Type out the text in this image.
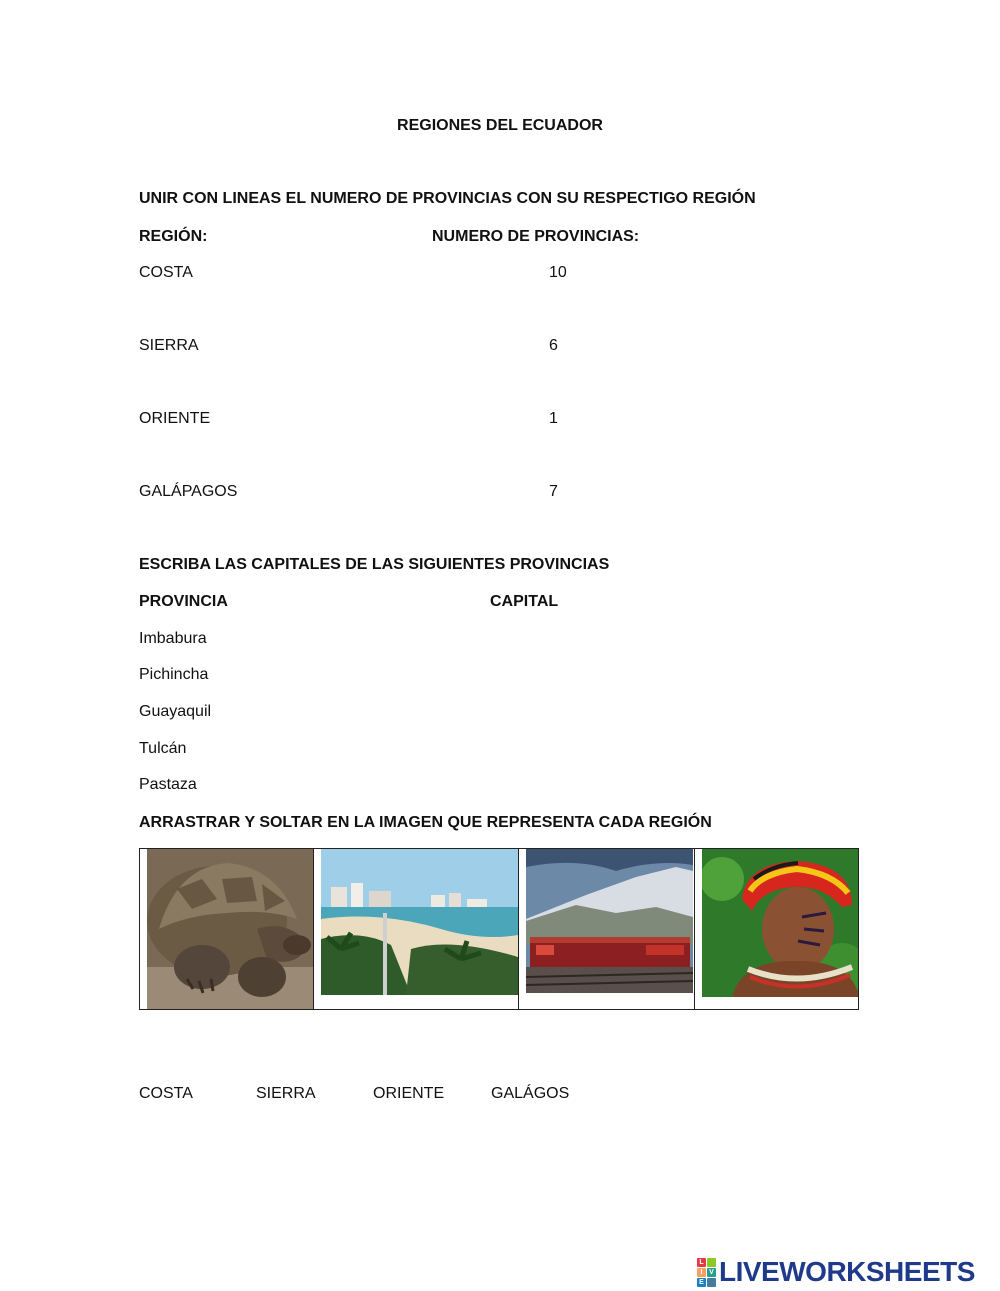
REGIONES DEL ECUADOR
UNIR CON LINEAS EL NUMERO DE PROVINCIAS CON SU RESPECTIGO REGIÓN
REGIÓN:	NUMERO DE PROVINCIAS:
COSTA	10
SIERRA	6
ORIENTE	1
GALÁPAGOS	7
ESCRIBA LAS CAPITALES DE LAS SIGUIENTES PROVINCIAS
PROVINCIA	CAPITAL
Imbabura
Pichincha
Guayaquil
Tulcán
Pastaza
ARRASTRAR Y SOLTAR EN LA IMAGEN QUE REPRESENTA CADA REGIÓN
COSTA	SIERRA	ORIENTE	GALÁGOS
L
I V
E LIVEWORKSHEETS
